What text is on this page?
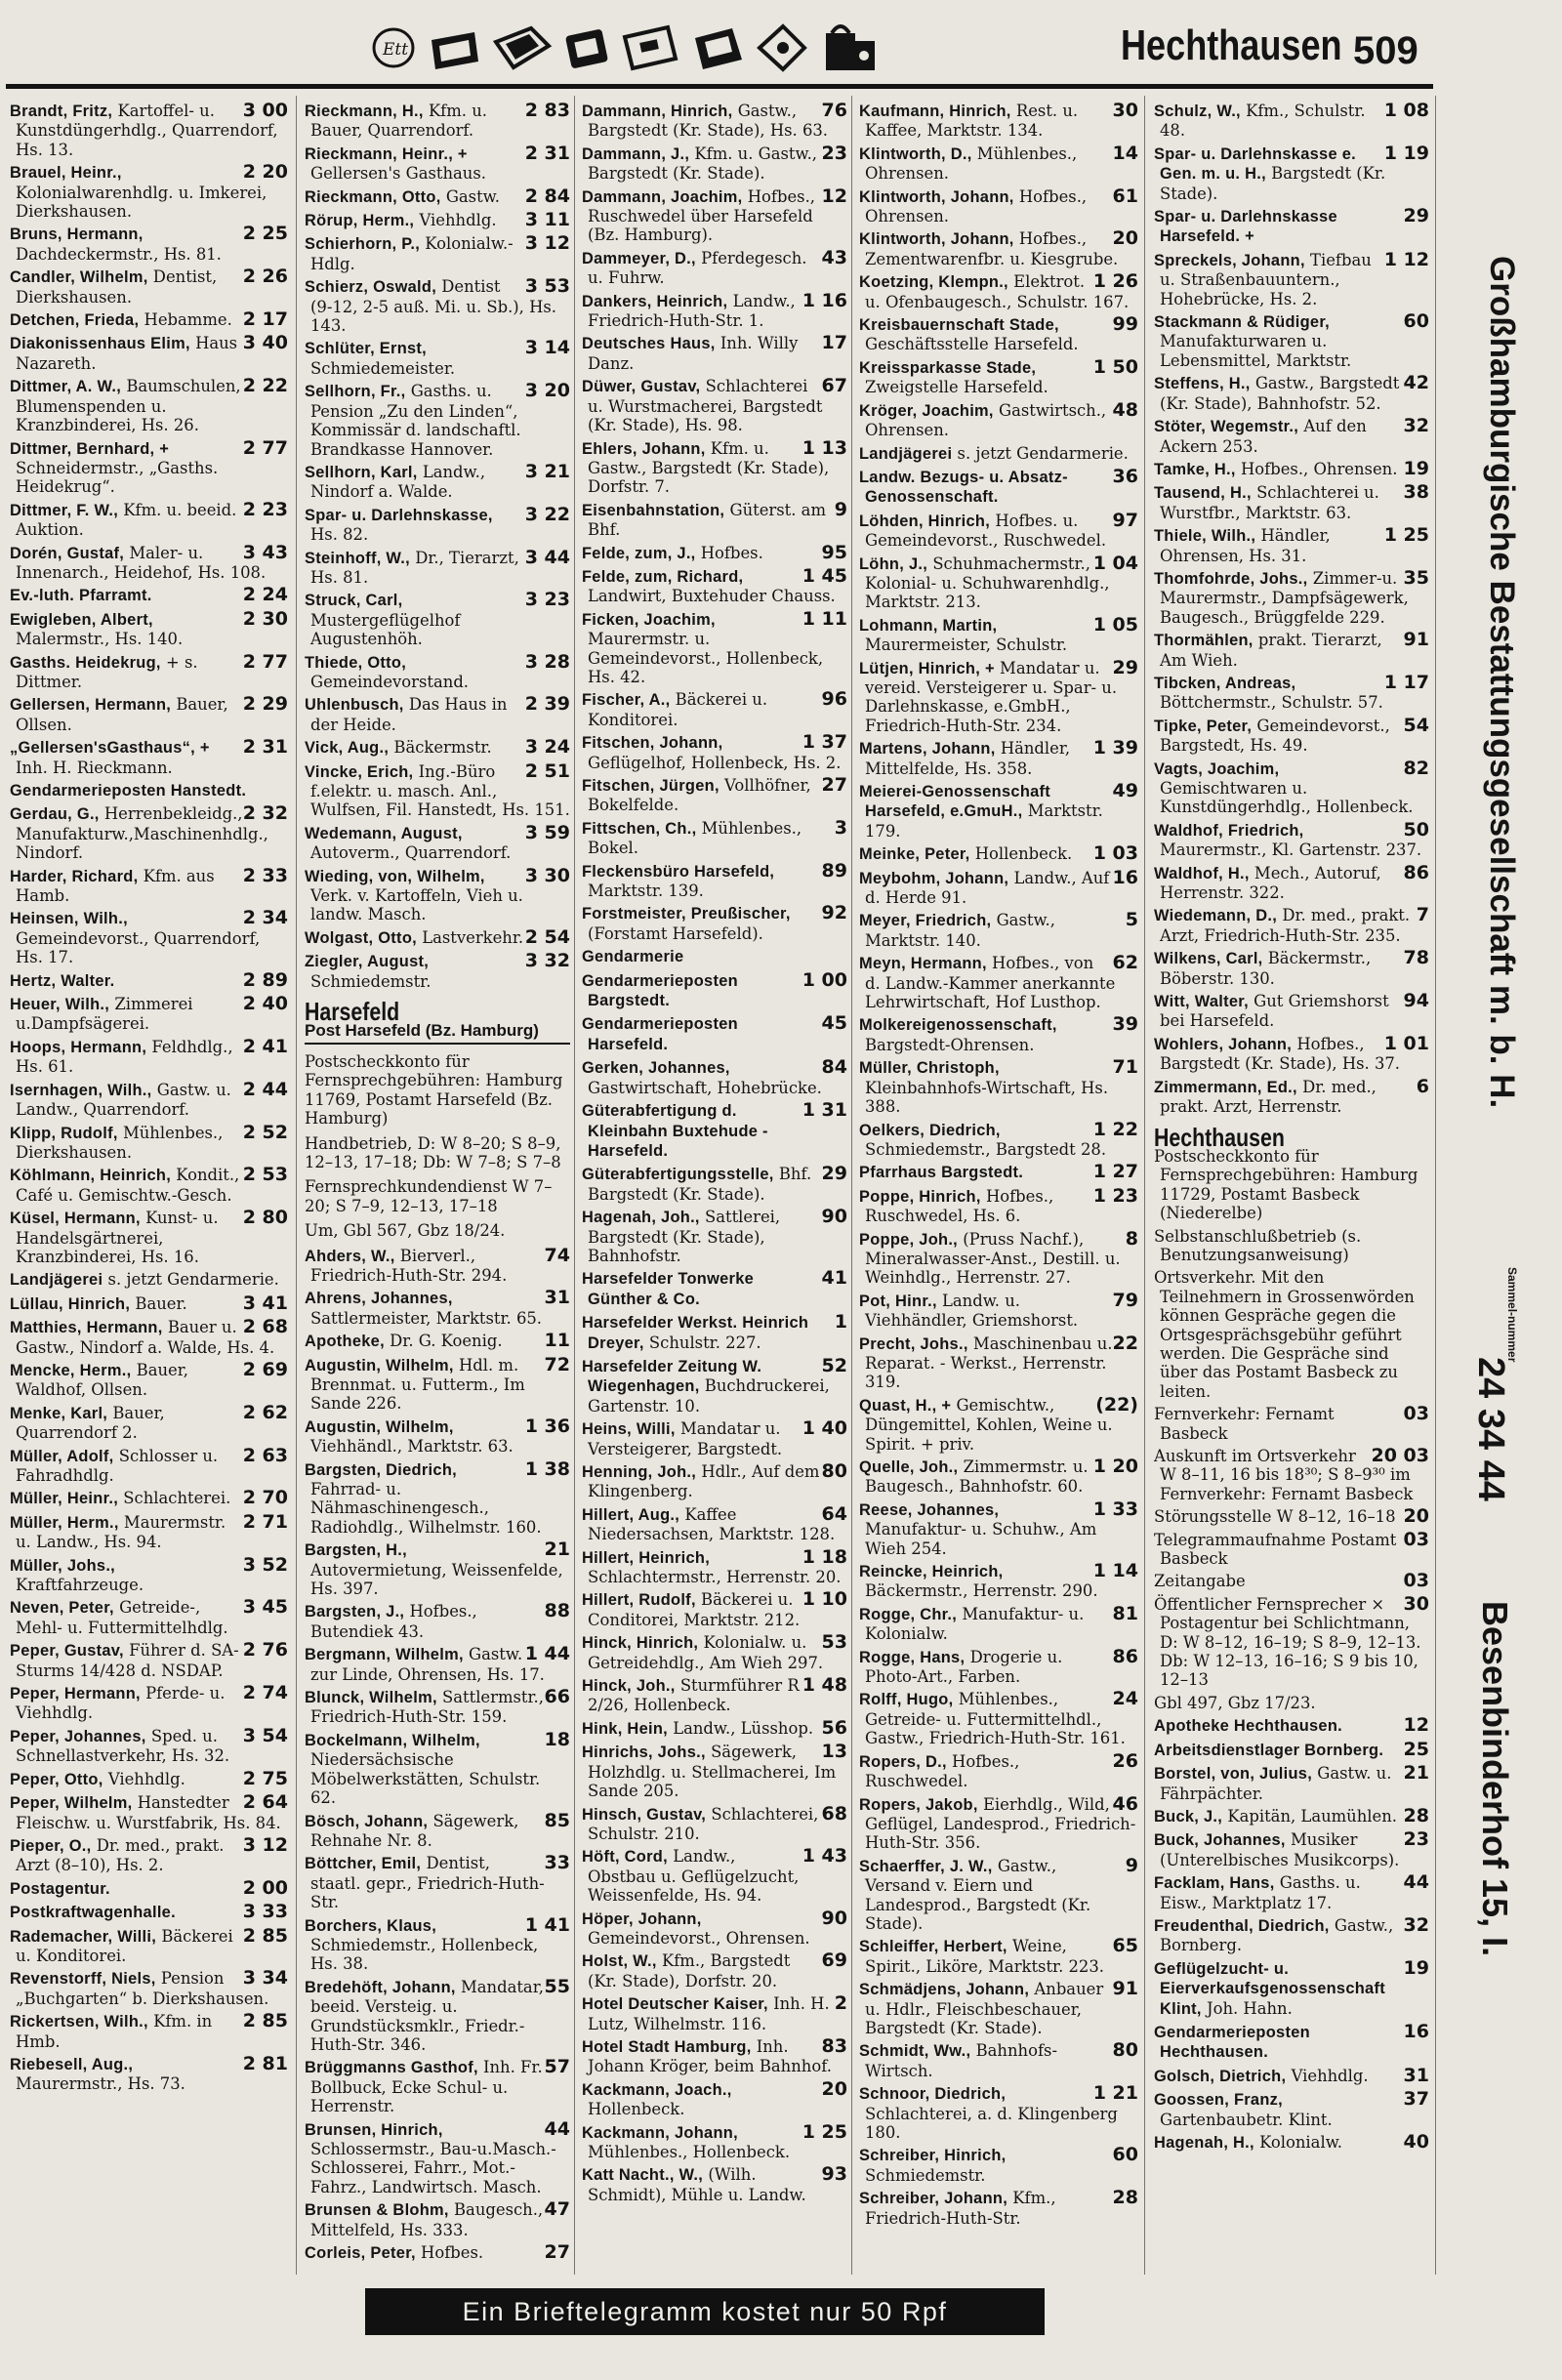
Ett	Hechthausen 509
3 00
Brandt, Fritz, Kartoffel- u. Kunstdüngerhdlg., Quarrendorf, Hs. 13.
2 20
Brauel, Heinr., Kolonialwarenhdlg. u. Imkerei, Dierkshausen.
2 25
Bruns, Hermann, Dachdeckermstr., Hs. 81.
2 26
Candler, Wilhelm, Dentist, Dierkshausen.
2 17
Detchen, Frieda, Hebamme.
3 40
Diakonissenhaus Elim, Haus Nazareth.
2 22
Dittmer, A. W., Baumschulen, Blumenspenden u. Kranzbinderei, Hs. 26.
2 77
Dittmer, Bernhard, + Schneidermstr., „Gasths. Heidekrug“.
2 23
Dittmer, F. W., Kfm. u. beeid. Auktion.
3 43
Dorén, Gustaf, Maler- u. Innenarch., Heidehof, Hs. 108.
2 24
Ev.-luth. Pfarramt.
2 30
Ewigleben, Albert, Malermstr., Hs. 140.
2 77
Gasths. Heidekrug, + s. Dittmer.
2 29
Gellersen, Hermann, Bauer, Ollsen.
2 31
„Gellersen'sGasthaus“, + Inh. H. Rieckmann.
Gendarmerieposten Hanstedt.
2 32
Gerdau, G., Herrenbekleidg., Manufakturw.,Maschinenhdlg., Nindorf.
2 33
Harder, Richard, Kfm. aus Hamb.
2 34
Heinsen, Wilh., Gemeindevorst., Quarrendorf, Hs. 17.
2 89
Hertz, Walter.
2 40
Heuer, Wilh., Zimmerei u.Dampfsägerei.
2 41
Hoops, Hermann, Feldhdlg., Hs. 61.
2 44
Isernhagen, Wilh., Gastw. u. Landw., Quarrendorf.
2 52
Klipp, Rudolf, Mühlenbes., Dierkshausen.
2 53
Köhlmann, Heinrich, Kondit., Café u. Gemischtw.-Gesch.
2 80
Küsel, Hermann, Kunst- u. Handelsgärtnerei, Kranzbinderei, Hs. 16.
Landjägerei s. jetzt Gendarmerie.
3 41
Lüllau, Hinrich, Bauer.
2 68
Matthies, Hermann, Bauer u. Gastw., Nindorf a. Walde, Hs. 4.
2 69
Mencke, Herm., Bauer, Waldhof, Ollsen.
2 62
Menke, Karl, Bauer, Quarrendorf 2.
2 63
Müller, Adolf, Schlosser u. Fahradhdlg.
2 70
Müller, Heinr., Schlachterei.
2 71
Müller, Herm., Maurermstr. u. Landw., Hs. 94.
3 52
Müller, Johs., Kraftfahrzeuge.
3 45
Neven, Peter, Getreide-, Mehl- u. Futtermittelhdlg.
2 76
Peper, Gustav, Führer d. SA-Sturms 14/428 d. NSDAP.
2 74
Peper, Hermann, Pferde- u. Viehhdlg.
3 54
Peper, Johannes, Sped. u. Schnellastverkehr, Hs. 32.
2 75
Peper, Otto, Viehhdlg.
2 64
Peper, Wilhelm, Hanstedter Fleischw. u. Wurstfabrik, Hs. 84.
3 12
Pieper, O., Dr. med., prakt. Arzt (8–10), Hs. 2.
2 00
Postagentur.
3 33
Postkraftwagenhalle.
2 85
Rademacher, Willi, Bäckerei u. Konditorei.
3 34
Revenstorff, Niels, Pension „Buchgarten“ b. Dierkshausen.
2 85
Rickertsen, Wilh., Kfm. in Hmb.
2 81
Riebesell, Aug., Maurermstr., Hs. 73.
2 83
Rieckmann, H., Kfm. u. Bauer, Quarrendorf.
2 31
Rieckmann, Heinr., + Gellersen's Gasthaus.
2 84
Rieckmann, Otto, Gastw.
3 11
Rörup, Herm., Viehhdlg.
3 12
Schierhorn, P., Kolonialw.-Hdlg.
3 53
Schierz, Oswald, Dentist (9-12, 2-5 auß. Mi. u. Sb.), Hs. 143.
3 14
Schlüter, Ernst, Schmiedemeister.
3 20
Sellhorn, Fr., Gasths. u. Pension „Zu den Linden“, Kommissär d. landschaftl. Brandkasse Hannover.
3 21
Sellhorn, Karl, Landw., Nindorf a. Walde.
3 22
Spar- u. Darlehnskasse, Hs. 82.
3 44
Steinhoff, W., Dr., Tierarzt, Hs. 81.
3 23
Struck, Carl, Mustergeflügelhof Augustenhöh.
3 28
Thiede, Otto, Gemeindevorstand.
2 39
Uhlenbusch, Das Haus in der Heide.
3 24
Vick, Aug., Bäckermstr.
2 51
Vincke, Erich, Ing.-Büro f.elektr. u. masch. Anl., Wulfsen, Fil. Hanstedt, Hs. 151.
3 59
Wedemann, August, Autoverm., Quarrendorf.
3 30
Wieding, von, Wilhelm, Verk. v. Kartoffeln, Vieh u. landw. Masch.
2 54
Wolgast, Otto, Lastverkehr.
3 32
Ziegler, August, Schmiedemstr.
Harsefeld
Post Harsefeld (Bz. Hamburg)
Postscheckkonto für Fernsprechgebühren: Hamburg 11769, Postamt Harsefeld (Bz. Hamburg)
Handbetrieb, D: W 8–20; S 8–9, 12–13, 17–18; Db: W 7–8; S 7–8
Fernsprechkundendienst W 7–20; S 7–9, 12–13, 17–18
Um, Gbl 567, Gbz 18/24.
74
Ahders, W., Bierverl., Friedrich-Huth-Str. 294.
31
Ahrens, Johannes, Sattlermeister, Marktstr. 65.
11
Apotheke, Dr. G. Koenig.
72
Augustin, Wilhelm, Hdl. m. Brennmat. u. Futterm., Im Sande 226.
1 36
Augustin, Wilhelm, Viehhändl., Marktstr. 63.
1 38
Bargsten, Diedrich, Fahrrad- u. Nähmaschinengesch., Radiohdlg., Wilhelmstr. 160.
21
Bargsten, H., Autovermietung, Weissenfelde, Hs. 397.
88
Bargsten, J., Hofbes., Butendiek 43.
1 44
Bergmann, Wilhelm, Gastw. zur Linde, Ohrensen, Hs. 17.
66
Blunck, Wilhelm, Sattlermstr., Friedrich-Huth-Str. 159.
18
Bockelmann, Wilhelm, Niedersächsische Möbelwerkstätten, Schulstr. 62.
85
Bösch, Johann, Sägewerk, Rehnahe Nr. 8.
33
Böttcher, Emil, Dentist, staatl. gepr., Friedrich-Huth-Str.
1 41
Borchers, Klaus, Schmiedemstr., Hollenbeck, Hs. 38.
55
Bredehöft, Johann, Mandatar, beeid. Versteig. u. Grundstücksmklr., Friedr.-Huth-Str. 346.
57
Brüggmanns Gasthof, Inh. Fr. Bollbuck, Ecke Schul- u. Herrenstr.
44
Brunsen, Hinrich, Schlossermstr., Bau-u.Masch.-Schlosserei, Fahrr., Mot.-Fahrz., Landwirtsch. Masch.
47
Brunsen & Blohm, Baugesch., Mittelfeld, Hs. 333.
27
Corleis, Peter, Hofbes.
76
Dammann, Hinrich, Gastw., Bargstedt (Kr. Stade), Hs. 63.
23
Dammann, J., Kfm. u. Gastw., Bargstedt (Kr. Stade).
12
Dammann, Joachim, Hofbes., Ruschwedel über Harsefeld (Bz. Hamburg).
43
Dammeyer, D., Pferdegesch. u. Fuhrw.
1 16
Dankers, Heinrich, Landw., Friedrich-Huth-Str. 1.
17
Deutsches Haus, Inh. Willy Danz.
67
Düwer, Gustav, Schlachterei u. Wurstmacherei, Bargstedt (Kr. Stade), Hs. 98.
1 13
Ehlers, Johann, Kfm. u. Gastw., Bargstedt (Kr. Stade), Dorfstr. 7.
9
Eisenbahnstation, Güterst. am Bhf.
95
Felde, zum, J., Hofbes.
1 45
Felde, zum, Richard, Landwirt, Buxtehuder Chauss.
1 11
Ficken, Joachim, Maurermstr. u. Gemeindevorst., Hollenbeck, Hs. 42.
96
Fischer, A., Bäckerei u. Konditorei.
1 37
Fitschen, Johann, Geflügelhof, Hollenbeck, Hs. 2.
27
Fitschen, Jürgen, Vollhöfner, Bokelfelde.
3
Fittschen, Ch., Mühlenbes., Bokel.
89
Fleckensbüro Harsefeld, Marktstr. 139.
92
Forstmeister, Preußischer, (Forstamt Harsefeld).
Gendarmerie
1 00
Gendarmerieposten Bargstedt.
45
Gendarmerieposten Harsefeld.
84
Gerken, Johannes, Gastwirtschaft, Hohebrücke.
1 31
Güterabfertigung d. Kleinbahn Buxtehude - Harsefeld.
29
Güterabfertigungsstelle, Bhf. Bargstedt (Kr. Stade).
90
Hagenah, Joh., Sattlerei, Bargstedt (Kr. Stade), Bahnhofstr.
41
Harsefelder Tonwerke Günther & Co.
1
Harsefelder Werkst. Heinrich Dreyer, Schulstr. 227.
52
Harsefelder Zeitung W. Wiegenhagen, Buchdruckerei, Gartenstr. 10.
1 40
Heins, Willi, Mandatar u. Versteigerer, Bargstedt.
80
Henning, Joh., Hdlr., Auf dem Klingenberg.
64
Hillert, Aug., Kaffee Niedersachsen, Marktstr. 128.
1 18
Hillert, Heinrich, Schlachtermstr., Herrenstr. 20.
1 10
Hillert, Rudolf, Bäckerei u. Conditorei, Marktstr. 212.
53
Hinck, Hinrich, Kolonialw. u. Getreidehdlg., Am Wieh 297.
1 48
Hinck, Joh., Sturmführer R 2/26, Hollenbeck.
56
Hink, Hein, Landw., Lüsshop.
13
Hinrichs, Johs., Sägewerk, Holzhdlg. u. Stellmacherei, Im Sande 205.
68
Hinsch, Gustav, Schlachterei, Schulstr. 210.
1 43
Höft, Cord, Landw., Obstbau u. Geflügelzucht, Weissenfelde, Hs. 94.
90
Höper, Johann, Gemeindevorst., Ohrensen.
69
Holst, W., Kfm., Bargstedt (Kr. Stade), Dorfstr. 20.
2
Hotel Deutscher Kaiser, Inh. H. Lutz, Wilhelmstr. 116.
83
Hotel Stadt Hamburg, Inh. Johann Kröger, beim Bahnhof.
20
Kackmann, Joach., Hollenbeck.
1 25
Kackmann, Johann, Mühlenbes., Hollenbeck.
93
Katt Nacht., W., (Wilh. Schmidt), Mühle u. Landw.
30
Kaufmann, Hinrich, Rest. u. Kaffee, Marktstr. 134.
14
Klintworth, D., Mühlenbes., Ohrensen.
61
Klintworth, Johann, Hofbes., Ohrensen.
20
Klintworth, Johann, Hofbes., Zementwarenfbr. u. Kiesgrube.
1 26
Koetzing, Klempn., Elektrot. u. Ofenbaugesch., Schulstr. 167.
99
Kreisbauernschaft Stade, Geschäftsstelle Harsefeld.
1 50
Kreissparkasse Stade, Zweigstelle Harsefeld.
48
Kröger, Joachim, Gastwirtsch., Ohrensen.
Landjägerei s. jetzt Gendarmerie.
36
Landw. Bezugs- u. Absatz-Genossenschaft.
97
Löhden, Hinrich, Hofbes. u. Gemeindevorst., Ruschwedel.
1 04
Löhn, J., Schuhmachermstr., Kolonial- u. Schuhwarenhdlg., Marktstr. 213.
1 05
Lohmann, Martin, Maurermeister, Schulstr.
29
Lütjen, Hinrich, + Mandatar u. vereid. Versteigerer u. Spar- u. Darlehnskasse, e.GmbH., Friedrich-Huth-Str. 234.
1 39
Martens, Johann, Händler, Mittelfelde, Hs. 358.
49
Meierei-Genossenschaft Harsefeld, e.GmuH., Marktstr. 179.
1 03
Meinke, Peter, Hollenbeck.
16
Meybohm, Johann, Landw., Auf d. Herde 91.
5
Meyer, Friedrich, Gastw., Marktstr. 140.
62
Meyn, Hermann, Hofbes., von d. Landw.-Kammer anerkannte Lehrwirtschaft, Hof Lusthop.
39
Molkereigenossenschaft, Bargstedt-Ohrensen.
71
Müller, Christoph, Kleinbahnhofs-Wirtschaft, Hs. 388.
1 22
Oelkers, Diedrich, Schmiedemstr., Bargstedt 28.
1 27
Pfarrhaus Bargstedt.
1 23
Poppe, Hinrich, Hofbes., Ruschwedel, Hs. 6.
8
Poppe, Joh., (Pruss Nachf.), Mineralwasser-Anst., Destill. u. Weinhdlg., Herrenstr. 27.
79
Pot, Hinr., Landw. u. Viehhändler, Griemshorst.
22
Precht, Johs., Maschinenbau u. Reparat. - Werkst., Herrenstr. 319.
(22)
Quast, H., + Gemischtw., Düngemittel, Kohlen, Weine u. Spirit. + priv.
1 20
Quelle, Joh., Zimmermstr. u. Baugesch., Bahnhofstr. 60.
1 33
Reese, Johannes, Manufaktur- u. Schuhw., Am Wieh 254.
1 14
Reincke, Heinrich, Bäckermstr., Herrenstr. 290.
81
Rogge, Chr., Manufaktur- u. Kolonialw.
86
Rogge, Hans, Drogerie u. Photo-Art., Farben.
24
Rolff, Hugo, Mühlenbes., Getreide- u. Futtermittelhdl., Gastw., Friedrich-Huth-Str. 161.
26
Ropers, D., Hofbes., Ruschwedel.
46
Ropers, Jakob, Eierhdlg., Wild, Geflügel, Landesprod., Friedrich-Huth-Str. 356.
9
Schaerffer, J. W., Gastw., Versand v. Eiern und Landesprod., Bargstedt (Kr. Stade).
65
Schleiffer, Herbert, Weine, Spirit., Liköre, Marktstr. 223.
91
Schmädjens, Johann, Anbauer u. Hdlr., Fleischbeschauer, Bargstedt (Kr. Stade).
80
Schmidt, Ww., Bahnhofs-Wirtsch.
1 21
Schnoor, Diedrich, Schlachterei, a. d. Klingenberg 180.
60
Schreiber, Hinrich, Schmiedemstr.
28
Schreiber, Johann, Kfm., Friedrich-Huth-Str.
1 08
Schulz, W., Kfm., Schulstr. 48.
1 19
Spar- u. Darlehnskasse e. Gen. m. u. H., Bargstedt (Kr. Stade).
29
Spar- u. Darlehnskasse Harsefeld. +
1 12
Spreckels, Johann, Tiefbau u. Straßenbauuntern., Hohebrücke, Hs. 2.
60
Stackmann & Rüdiger, Manufakturwaren u. Lebensmittel, Marktstr.
42
Steffens, H., Gastw., Bargstedt (Kr. Stade), Bahnhofstr. 52.
32
Stöter, Wegemstr., Auf den Ackern 253.
19
Tamke, H., Hofbes., Ohrensen.
38
Tausend, H., Schlachterei u. Wurstfbr., Marktstr. 63.
1 25
Thiele, Wilh., Händler, Ohrensen, Hs. 31.
35
Thomfohrde, Johs., Zimmer-u. Maurermstr., Dampfsägewerk, Baugesch., Brüggfelde 229.
91
Thormählen, prakt. Tierarzt, Am Wieh.
1 17
Tibcken, Andreas, Böttchermstr., Schulstr. 57.
54
Tipke, Peter, Gemeindevorst., Bargstedt, Hs. 49.
82
Vagts, Joachim, Gemischtwaren u. Kunstdüngerhdlg., Hollenbeck.
50
Waldhof, Friedrich, Maurermstr., Kl. Gartenstr. 237.
86
Waldhof, H., Mech., Autoruf, Herrenstr. 322.
7
Wiedemann, D., Dr. med., prakt. Arzt, Friedrich-Huth-Str. 235.
78
Wilkens, Carl, Bäckermstr., Böberstr. 130.
94
Witt, Walter, Gut Griemshorst bei Harsefeld.
1 01
Wohlers, Johann, Hofbes., Bargstedt (Kr. Stade), Hs. 37.
6
Zimmermann, Ed., Dr. med., prakt. Arzt, Herrenstr.
Hechthausen
Postscheckkonto für Fernsprechgebühren: Hamburg 11729, Postamt Basbeck (Niederelbe)
Selbstanschlußbetrieb (s. Benutzungsanweisung)
Ortsverkehr. Mit den Teilnehmern in Grossenwörden können Gespräche gegen die Ortsgesprächsgebühr geführt werden. Die Gespräche sind über das Postamt Basbeck zu leiten.
03
Fernverkehr: Fernamt Basbeck
20 03
Auskunft im Ortsverkehr W 8–11, 16 bis 18³⁰; S 8–9³⁰ im Fernverkehr: Fernamt Basbeck
20
Störungsstelle W 8–12, 16–18
03
Telegrammaufnahme Postamt Basbeck
03
Zeitangabe
30
Öffentlicher Fernsprecher × Postagentur bei Schlichtmann, D: W 8–12, 16–19; S 8–9, 12–13. Db: W 12–13, 16–16; S 9 bis 10, 12–13
Gbl 497, Gbz 17/23.
12
Apotheke Hechthausen.
25
Arbeitsdienstlager Bornberg.
21
Borstel, von, Julius, Gastw. u. Fährpächter.
28
Buck, J., Kapitän, Laumühlen.
23
Buck, Johannes, Musiker (Unterelbisches Musikcorps).
44
Facklam, Hans, Gasths. u. Eisw., Marktplatz 17.
32
Freudenthal, Diedrich, Gastw., Bornberg.
19
Geflügelzucht- u. Eierverkaufsgenossenschaft Klint, Joh. Hahn.
16
Gendarmerieposten Hechthausen.
31
Golsch, Dietrich, Viehhdlg.
37
Goossen, Franz, Gartenbaubetr. Klint.
40
Hagenah, H., Kolonialw.
Großhamburgische Bestattungsgesellschaft m. b. H.
Sammel-nummer
24 34 44
Besenbinderhof 15, I.
Ein Brieftelegramm kostet nur 50 Rpf
